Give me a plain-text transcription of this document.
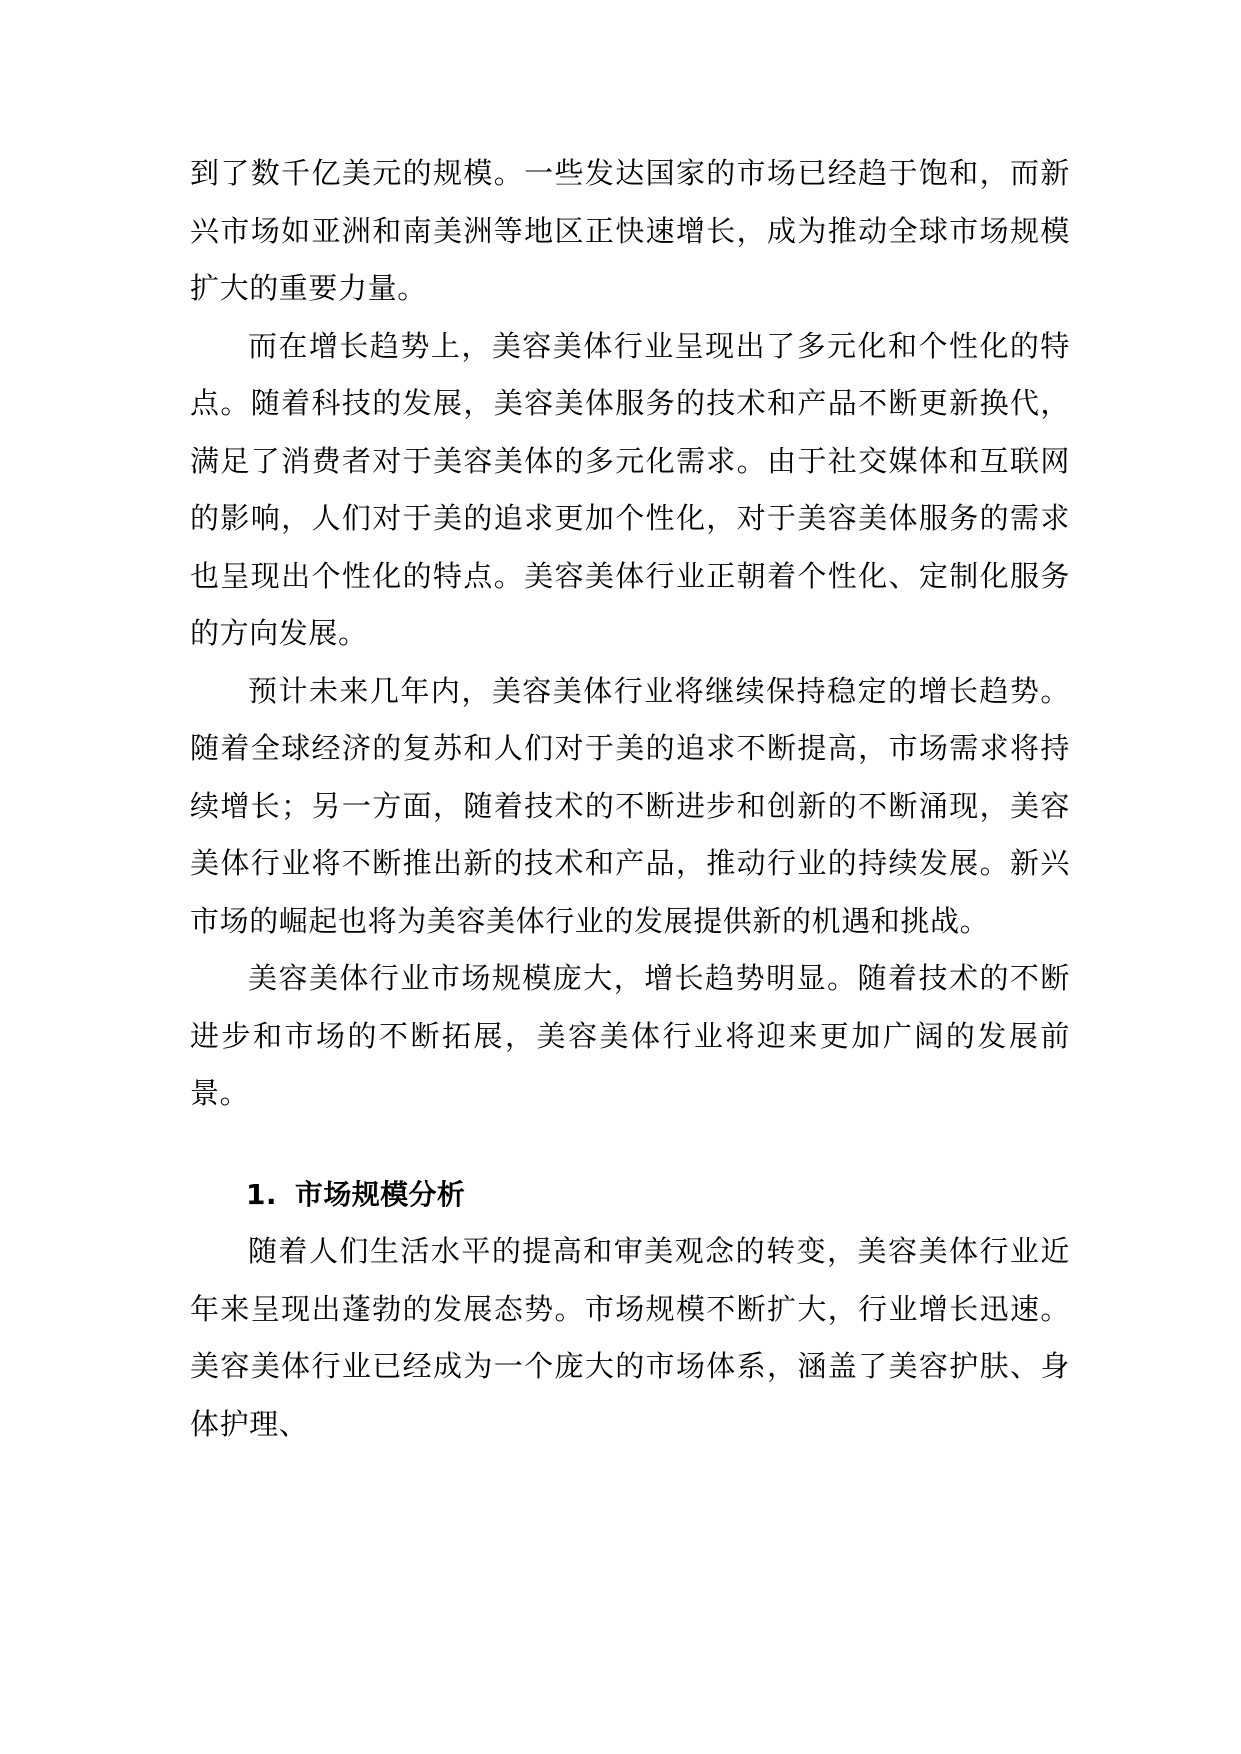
到了数千亿美元的规模。一些发达国家的市场已经趋于饱和，而新兴市场如亚洲和南美洲等地区正快速增长，成为推动全球市场规模扩大的重要力量。

而在增长趋势上，美容美体行业呈现出了多元化和个性化的特点。随着科技的发展，美容美体服务的技术和产品不断更新换代，满足了消费者对于美容美体的多元化需求。由于社交媒体和互联网的影响，人们对于美的追求更加个性化，对于美容美体服务的需求也呈现出个性化的特点。美容美体行业正朝着个性化、定制化服务的方向发展。

预计未来几年内，美容美体行业将继续保持稳定的增长趋势。随着全球经济的复苏和人们对于美的追求不断提高，市场需求将持续增长；另一方面，随着技术的不断进步和创新的不断涌现，美容美体行业将不断推出新的技术和产品，推动行业的持续发展。新兴市场的崛起也将为美容美体行业的发展提供新的机遇和挑战。

美容美体行业市场规模庞大，增长趋势明显。随着技术的不断进步和市场的不断拓展，美容美体行业将迎来更加广阔的发展前景。

1. 市场规模分析

随着人们生活水平的提高和审美观念的转变，美容美体行业近年来呈现出蓬勃的发展态势。市场规模不断扩大，行业增长迅速。美容美体行业已经成为一个庞大的市场体系，涵盖了美容护肤、身体护理、
